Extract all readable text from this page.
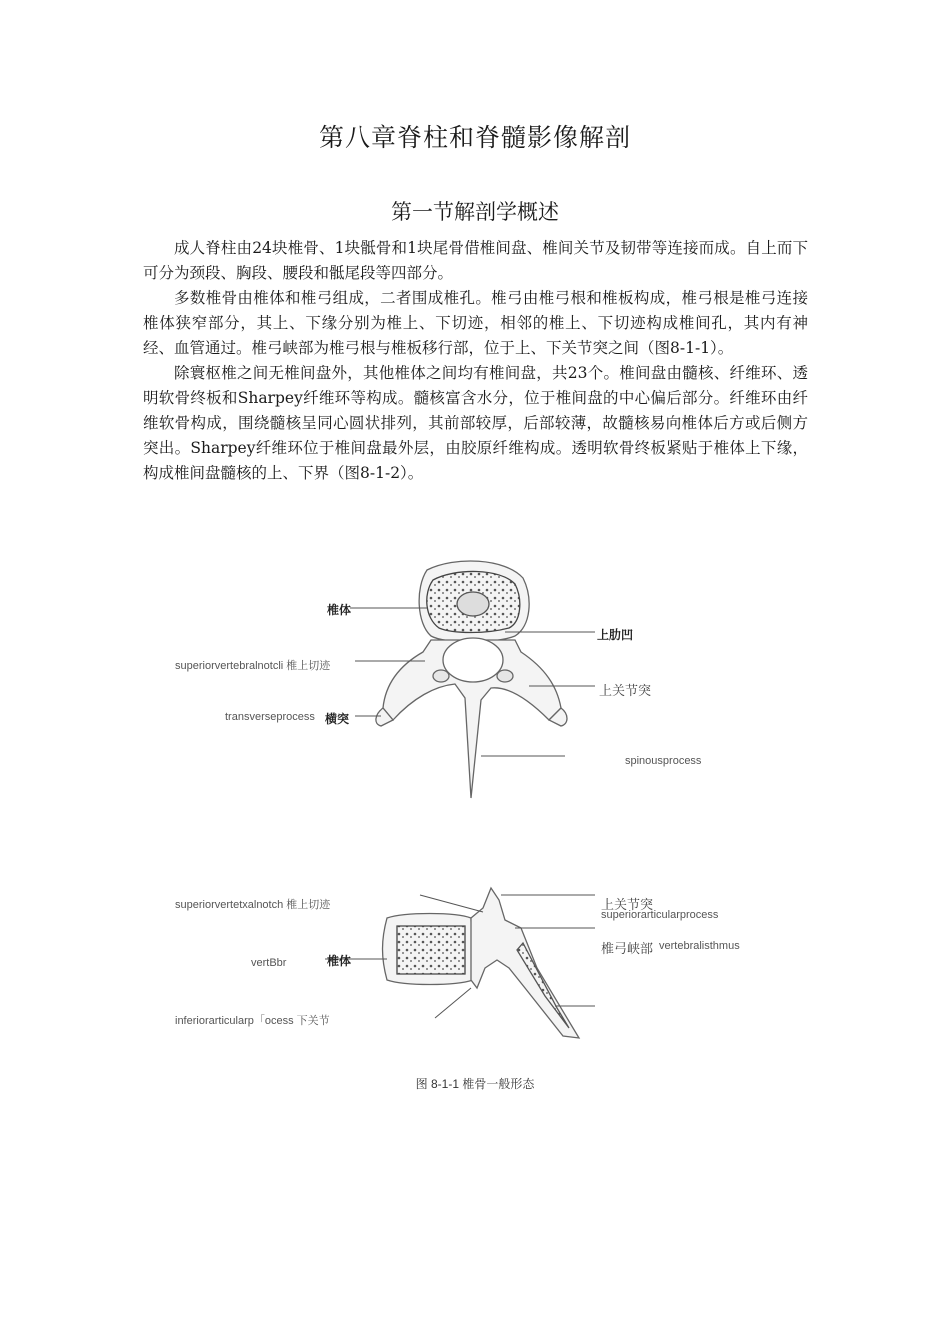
第八章脊柱和脊髓影像解剖
第一节解剖学概述

成人脊柱由24块椎骨、1块骶骨和1块尾骨借椎间盘、椎间关节及韧带等连接而成。自上而下可分为颈段、胸段、腰段和骶尾段等四部分。

多数椎骨由椎体和椎弓组成，二者围成椎孔。椎弓由椎弓根和椎板构成，椎弓根是椎弓连接椎体狭窄部分，其上、下缘分别为椎上、下切迹，相邻的椎上、下切迹构成椎间孔，其内有神经、血管通过。椎弓峡部为椎弓根与椎板移行部，位于上、下关节突之间（图8-1-1）。

除寰枢椎之间无椎间盘外，其他椎体之间均有椎间盘，共23个。椎间盘由髓核、纤维环、透明软骨终板和Sharpey纤维环等构成。髓核富含水分，位于椎间盘的中心偏后部分。纤维环由纤维软骨构成，围绕髓核呈同心圆状排列，其前部较厚，后部较薄，故髓核易向椎体后方或后侧方突出。Sharpey纤维环位于椎间盘最外层，由胶原纤维构成。透明软骨终板紧贴于椎体上下缘，构成椎间盘髓核的上、下界（图8-1-2）。

椎体
上肋凹
superiorvertebralnotcli 椎上切迹
上关节突
transverseprocess 横突
spinousprocess
superiorvertetxalnotch 椎上切迹	上关节突
superiorarticularprocess
椎弓峡部 vertebralisthmus
vertBbr	椎体
inferiorarticularp「ocess 下关节
图 8-1-1 椎骨一般形态
